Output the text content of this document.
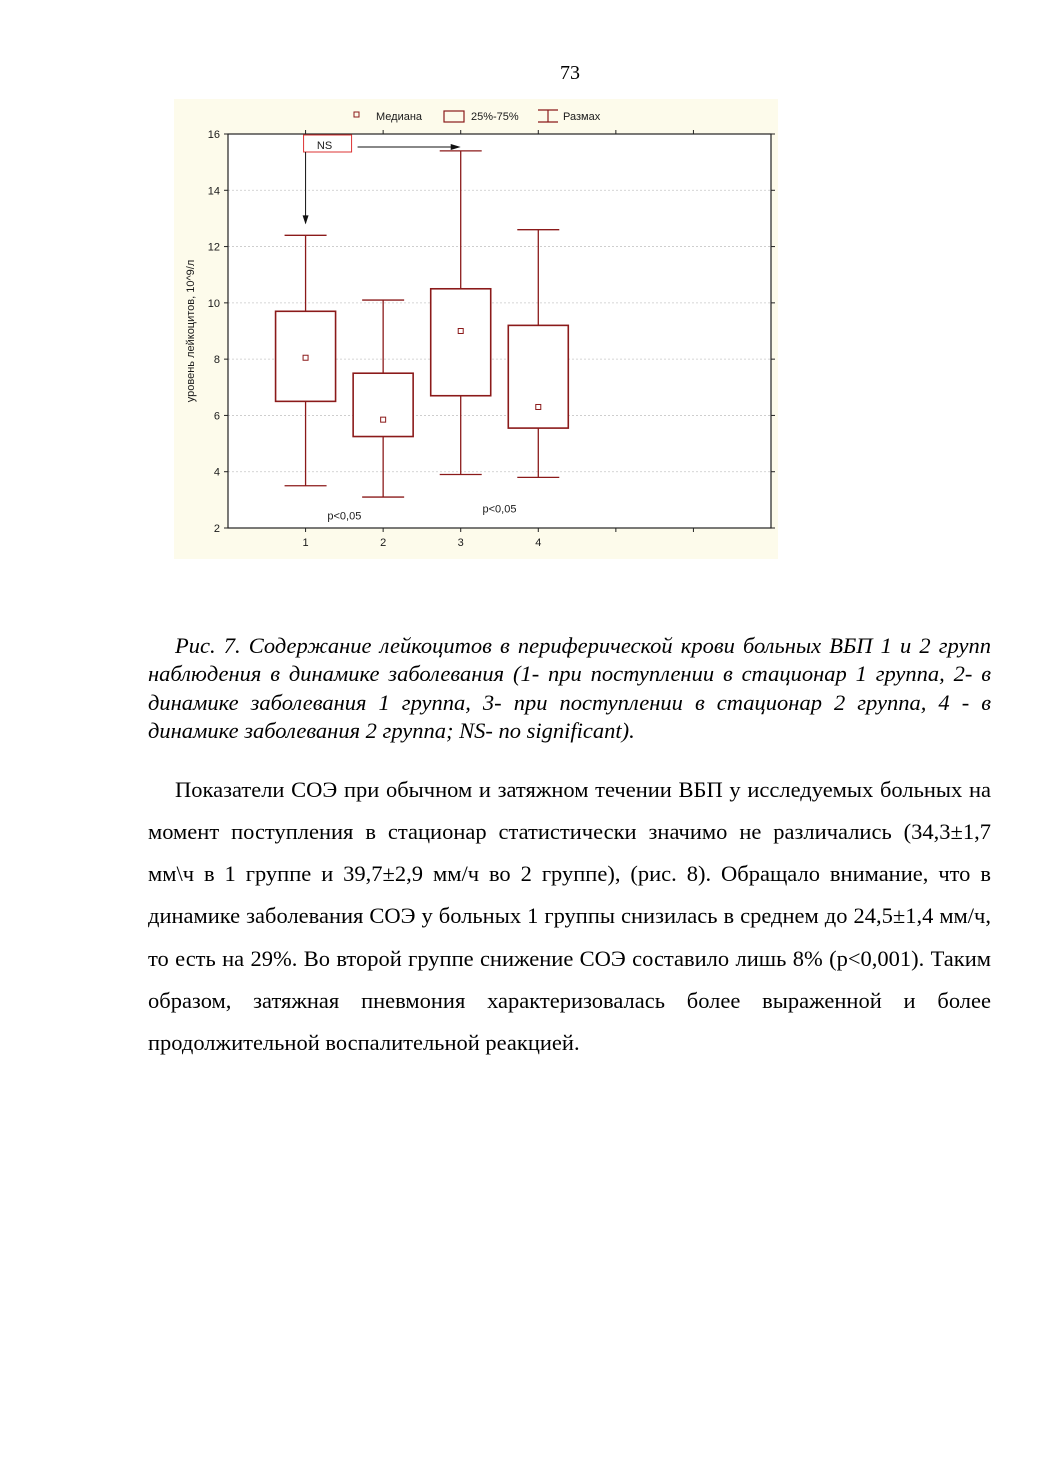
73
2
4
6
8
10
12
14
16
1	2	3	4
уровень лейкоцитов, 10^9/л
Медиана	25%-75%	Размах
NS
p<0,05
p<0,05

Рис. 7. Содержание лейкоцитов в периферической крови больных ВБП 1 и 2 групп наблюдения в динамике заболевания (1- при поступлении в стационар 1 группа, 2- в динамике заболевания 1 группа, 3- при поступлении в стационар 2 группа, 4 - в динамике заболевания 2 группа; NS- no significant).

Показатели СОЭ при обычном и затяжном течении ВБП у исследуемых больных на момент поступления в стационар статистически значимо не различались (34,3±1,7 мм\ч в 1 группе и 39,7±2,9 мм/ч во 2 группе), (рис. 8). Обращало внимание, что в динамике заболевания СОЭ у больных 1 группы снизилась в среднем до 24,5±1,4 мм/ч, то есть на 29%. Во второй группе снижение СОЭ составило лишь 8% (p<0,001). Таким образом, затяжная пневмония характеризовалась более выраженной и более продолжительной воспалительной реакцией.
